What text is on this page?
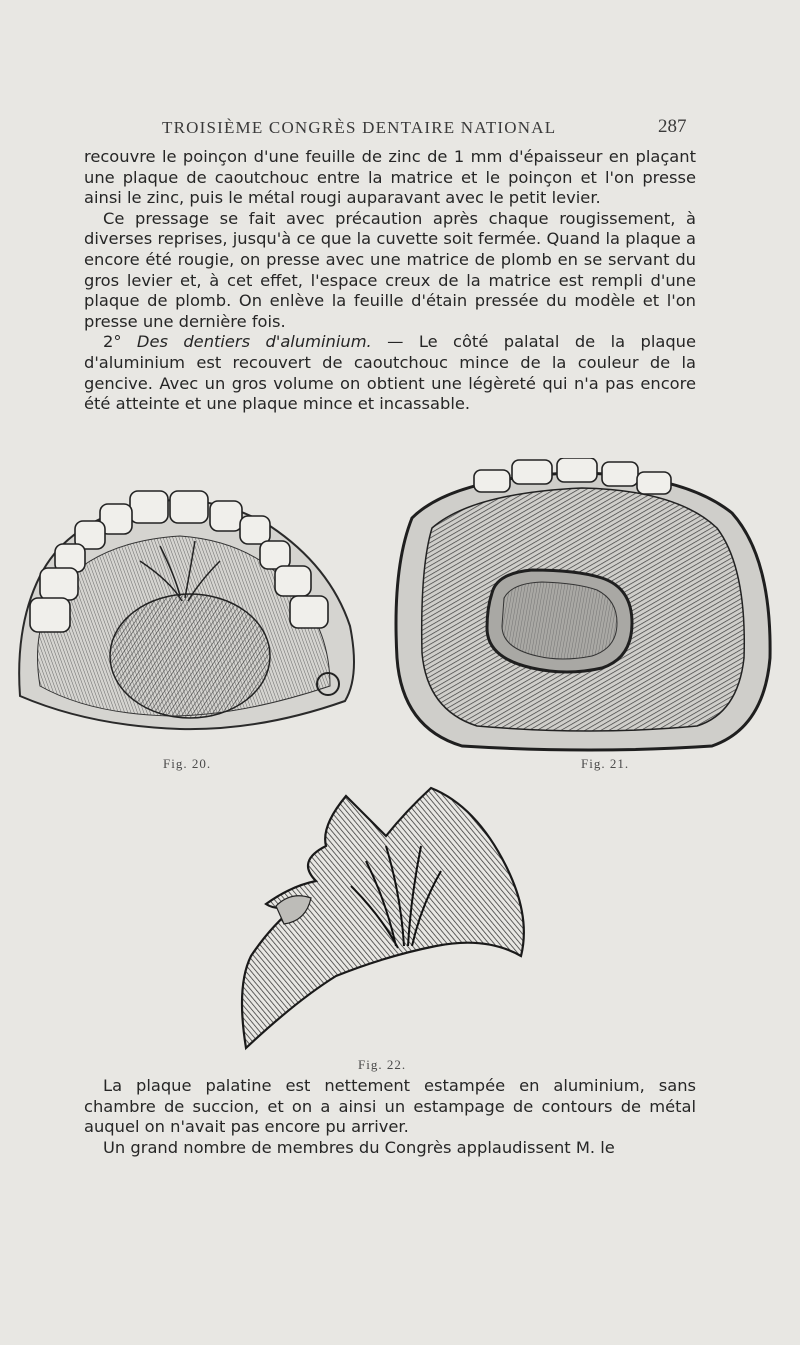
TROISIÈME CONGRÈS DENTAIRE NATIONAL	287

recouvre le poinçon d'une feuille de zinc de 1 mm d'épaisseur en plaçant une plaque de caoutchouc entre la matrice et le poinçon et l'on presse ainsi le zinc, puis le métal rougi auparavant avec le petit levier.

Ce pressage se fait avec précaution après chaque rougissement, à diverses reprises, jusqu'à ce que la cuvette soit fermée. Quand la plaque a encore été rougie, on presse avec une matrice de plomb en se servant du gros levier et, à cet effet, l'espace creux de la matrice est rempli d'une plaque de plomb. On enlève la feuille d'étain pressée du modèle et l'on presse une dernière fois.

2° Des dentiers d'aluminium. — Le côté palatal de la plaque d'aluminium est recouvert de caoutchouc mince de la couleur de la gencive. Avec un gros volume on obtient une légèreté qui n'a pas encore été atteinte et une plaque mince et incassable.

Fig. 20.	Fig. 21.
Fig. 22.

La plaque palatine est nettement estampée en aluminium, sans chambre de succion, et on a ainsi un estampage de contours de métal auquel on n'avait pas encore pu arriver.

Un grand nombre de membres du Congrès applaudissent M. le
